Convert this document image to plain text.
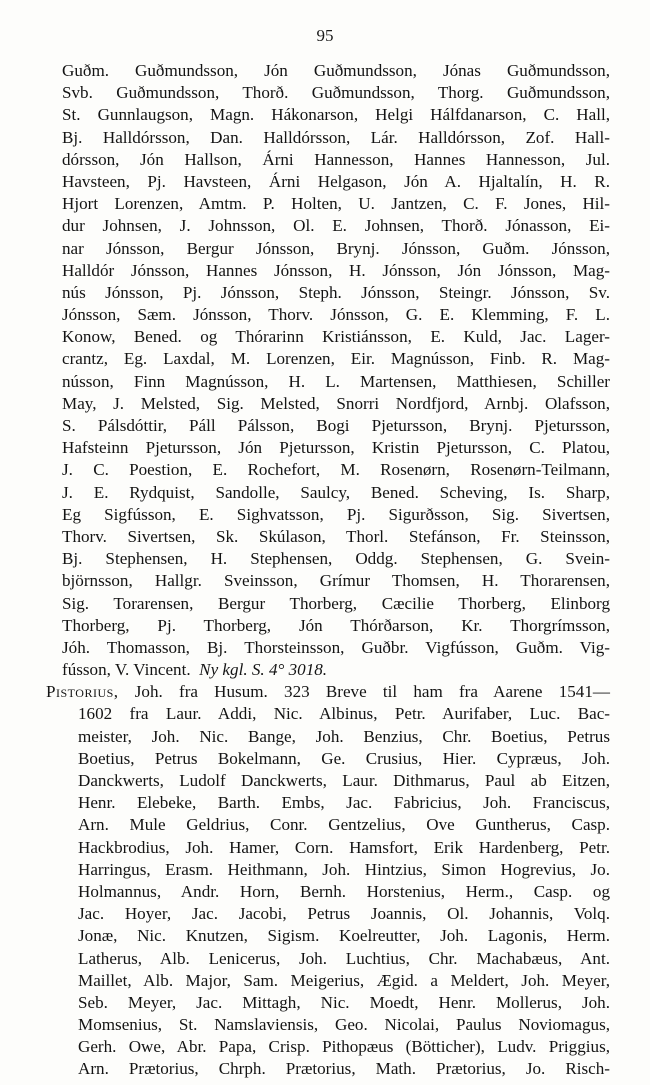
95
Guðm. Guðmundsson, Jón Guðmundsson, Jónas Guðmundsson,
Svb. Guðmundsson, Thorð. Guðmundsson, Thorg. Guðmundsson,
St. Gunnlaugson, Magn. Hákonarson, Helgi Hálfdanarson, C. Hall,
Bj. Halldórsson, Dan. Halldórsson, Lár. Halldórsson, Zof. Hall-
dórsson, Jón Hallson, Árni Hannesson, Hannes Hannesson, Jul.
Havsteen, Pj. Havsteen, Árni Helgason, Jón A. Hjaltalín, H. R.
Hjort Lorenzen, Amtm. P. Holten, U. Jantzen, C. F. Jones, Hil-
dur Johnsen, J. Johnsson, Ol. E. Johnsen, Thorð. Jónasson, Ei-
nar Jónsson, Bergur Jónsson, Brynj. Jónsson, Guðm. Jónsson,
Halldór Jónsson, Hannes Jónsson, H. Jónsson, Jón Jónsson, Mag-
nús Jónsson, Pj. Jónsson, Steph. Jónsson, Steingr. Jónsson, Sv.
Jónsson, Sæm. Jónsson, Thorv. Jónsson, G. E. Klemming, F. L.
Konow, Bened. og Thórarinn Kristiánsson, E. Kuld, Jac. Lager-
crantz, Eg. Laxdal, M. Lorenzen, Eir. Magnússon, Finb. R. Mag-
nússon, Finn Magnússon, H. L. Martensen, Matthiesen, Schiller
May, J. Melsted, Sig. Melsted, Snorri Nordfjord, Arnbj. Olafsson,
S. Pálsdóttir, Páll Pálsson, Bogi Pjetursson, Brynj. Pjetursson,
Hafsteinn Pjetursson, Jón Pjetursson, Kristin Pjetursson, C. Platou,
J. C. Poestion, E. Rochefort, M. Rosenørn, Rosenørn-Teilmann,
J. E. Rydquist, Sandolle, Saulcy, Bened. Scheving, Is. Sharp,
Eg Sigfússon, E. Sighvatsson, Pj. Sigurðsson, Sig. Sivertsen,
Thorv. Sivertsen, Sk. Skúlason, Thorl. Stefánson, Fr. Steinsson,
Bj. Stephensen, H. Stephensen, Oddg. Stephensen, G. Svein-
björnsson, Hallgr. Sveinsson, Grímur Thomsen, H. Thorarensen,
Sig. Torarensen, Bergur Thorberg, Cæcilie Thorberg, Elinborg
Thorberg, Pj. Thorberg, Jón Thórðarson, Kr. Thorgrímsson,
Jóh. Thomasson, Bj. Thorsteinsson, Guðbr. Vigfússon, Guðm. Vig-
fússon, V. Vincent. Ny kgl. S. 4° 3018.
Pistorius, Joh. fra Husum. 323 Breve til ham fra Aarene 1541—
1602 fra Laur. Addi, Nic. Albinus, Petr. Aurifaber, Luc. Bac-
meister, Joh. Nic. Bange, Joh. Benzius, Chr. Boetius, Petrus
Boetius, Petrus Bokelmann, Ge. Crusius, Hier. Cypræus, Joh.
Danckwerts, Ludolf Danckwerts, Laur. Dithmarus, Paul ab Eitzen,
Henr. Elebeke, Barth. Embs, Jac. Fabricius, Joh. Franciscus,
Arn. Mule Geldrius, Conr. Gentzelius, Ove Guntherus, Casp.
Hackbrodius, Joh. Hamer, Corn. Hamsfort, Erik Hardenberg, Petr.
Harringus, Erasm. Heithmann, Joh. Hintzius, Simon Hogrevius, Jo.
Holmannus, Andr. Horn, Bernh. Horstenius, Herm., Casp. og
Jac. Hoyer, Jac. Jacobi, Petrus Joannis, Ol. Johannis, Volq.
Jonæ, Nic. Knutzen, Sigism. Koelreutter, Joh. Lagonis, Herm.
Latherus, Alb. Lenicerus, Joh. Luchtius, Chr. Machabæus, Ant.
Maillet, Alb. Major, Sam. Meigerius, Ægid. a Meldert, Joh. Meyer,
Seb. Meyer, Jac. Mittagh, Nic. Moedt, Henr. Mollerus, Joh.
Momsenius, St. Namslaviensis, Geo. Nicolai, Paulus Noviomagus,
Gerh. Owe, Abr. Papa, Crisp. Pithopæus (Bötticher), Ludv. Priggius,
Arn. Prætorius, Chrph. Prætorius, Math. Prætorius, Jo. Risch-
